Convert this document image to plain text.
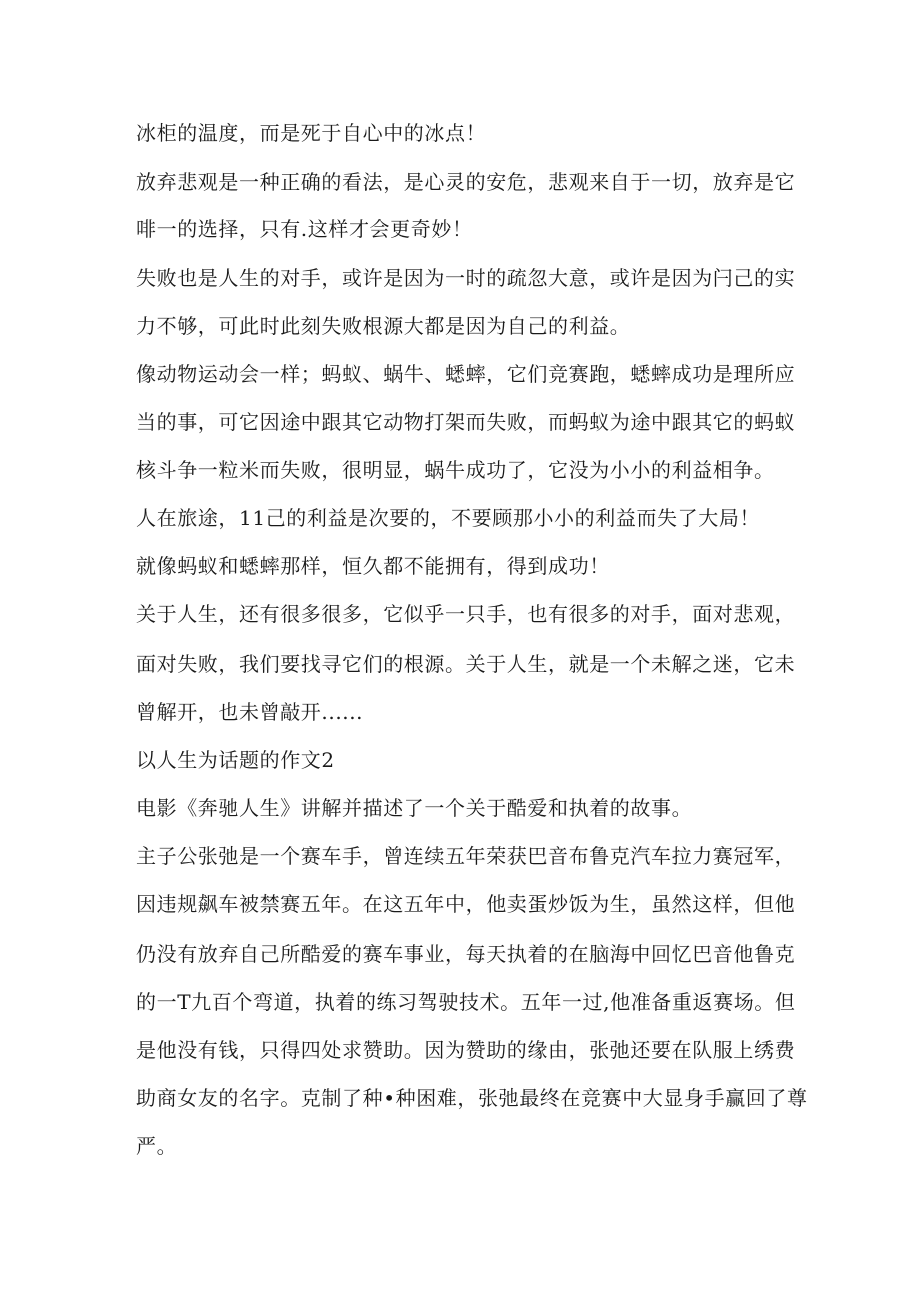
冰柜的温度，而是死于自心中的冰点！
放弃悲观是一种正确的看法，是心灵的安危，悲观来自于一切，放弃是它
啡一的选择，只有.这样才会更奇妙！
失败也是人生的对手，或许是因为一时的疏忽大意，或许是因为闩己的实
力不够，可此时此刻失败根源大都是因为自己的利益。
像动物运动会一样；蚂蚁、蜗牛、蟋蟀，它们竞赛跑，蟋蟀成功是理所应
当的事，可它因途中跟其它动物打架而失败，而蚂蚁为途中跟其它的蚂蚁
核斗争一粒米而失败，很明显，蜗牛成功了，它没为小小的利益相争。
人在旅途，11己的利益是次要的，不要顾那小小的利益而失了大局！
就像蚂蚁和蟋蟀那样，恒久都不能拥有，得到成功！
关于人生，还有很多很多，它似乎一只手，也有很多的对手，面对悲观，
面对失败，我们要找寻它们的根源。关于人生，就是一个未解之迷，它未
曾解开，也未曾敲开......
以人生为话题的作文2
电影《奔驰人生》讲解并描述了一个关于酷爱和执着的故事。
主子公张弛是一个赛车手，曾连续五年荣获巴音布鲁克汽车拉力赛冠军，
因违规飙车被禁赛五年。在这五年中，他卖蛋炒饭为生，虽然这样，但他
仍没有放弃自己所酷爱的赛车事业，每天执着的在脑海中回忆巴音他鲁克
的一T九百个弯道，执着的练习驾驶技术。五年一过,他准备重返赛场。但
是他没有钱，只得四处求赞助。因为赞助的缘由，张弛还要在队服上绣费
助商女友的名字。克制了种•种困难，张弛最终在竞赛中大显身手赢回了尊
严。
